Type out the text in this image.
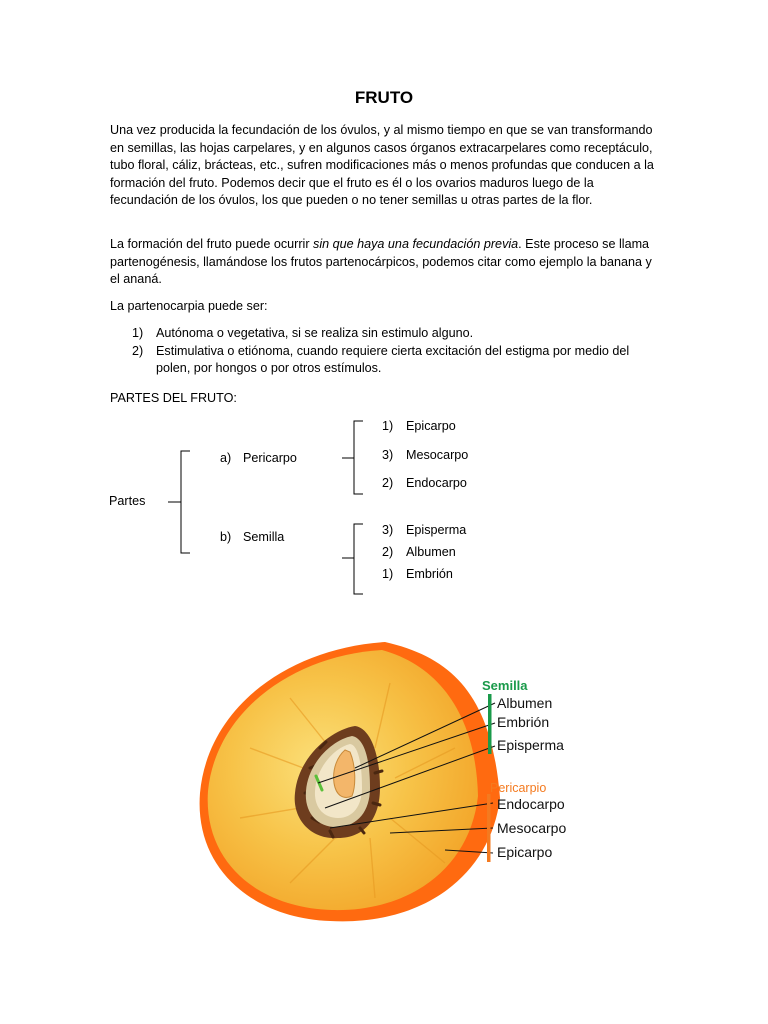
FRUTO

Una vez producida la fecundación de los óvulos, y al mismo tiempo en que se van transformando en semillas, las hojas carpelares, y en algunos casos órganos extracarpelares como receptáculo, tubo floral, cáliz, brácteas, etc., sufren modificaciones más o menos profundas que conducen a la formación del fruto. Podemos decir que el fruto es él o los ovarios maduros luego de la fecundación de los óvulos, los que pueden o no tener semillas u otras partes de la flor.

La formación del fruto puede ocurrir sin que haya una fecundación previa. Este proceso se llama partenogénesis, llamándose los frutos partenocárpicos, podemos citar como ejemplo la banana y el ananá.

La partenocarpia puede ser:

1) Autónoma o vegetativa, si se realiza sin estimulo alguno.
2) Estimulativa o etiónoma, cuando requiere cierta excitación del estigma por medio del polen, por hongos o por otros estímulos.

PARTES DEL FRUTO:

Partes
a) Pericarpo
b) Semilla
1) Epicarpo
3) Mesocarpo
2) Endocarpo
3) Episperma
2) Albumen
1) Embrión
Semilla
Albumen
Embrión
Episperma
Pericarpio
Endocarpo
Mesocarpo
Epicarpo
